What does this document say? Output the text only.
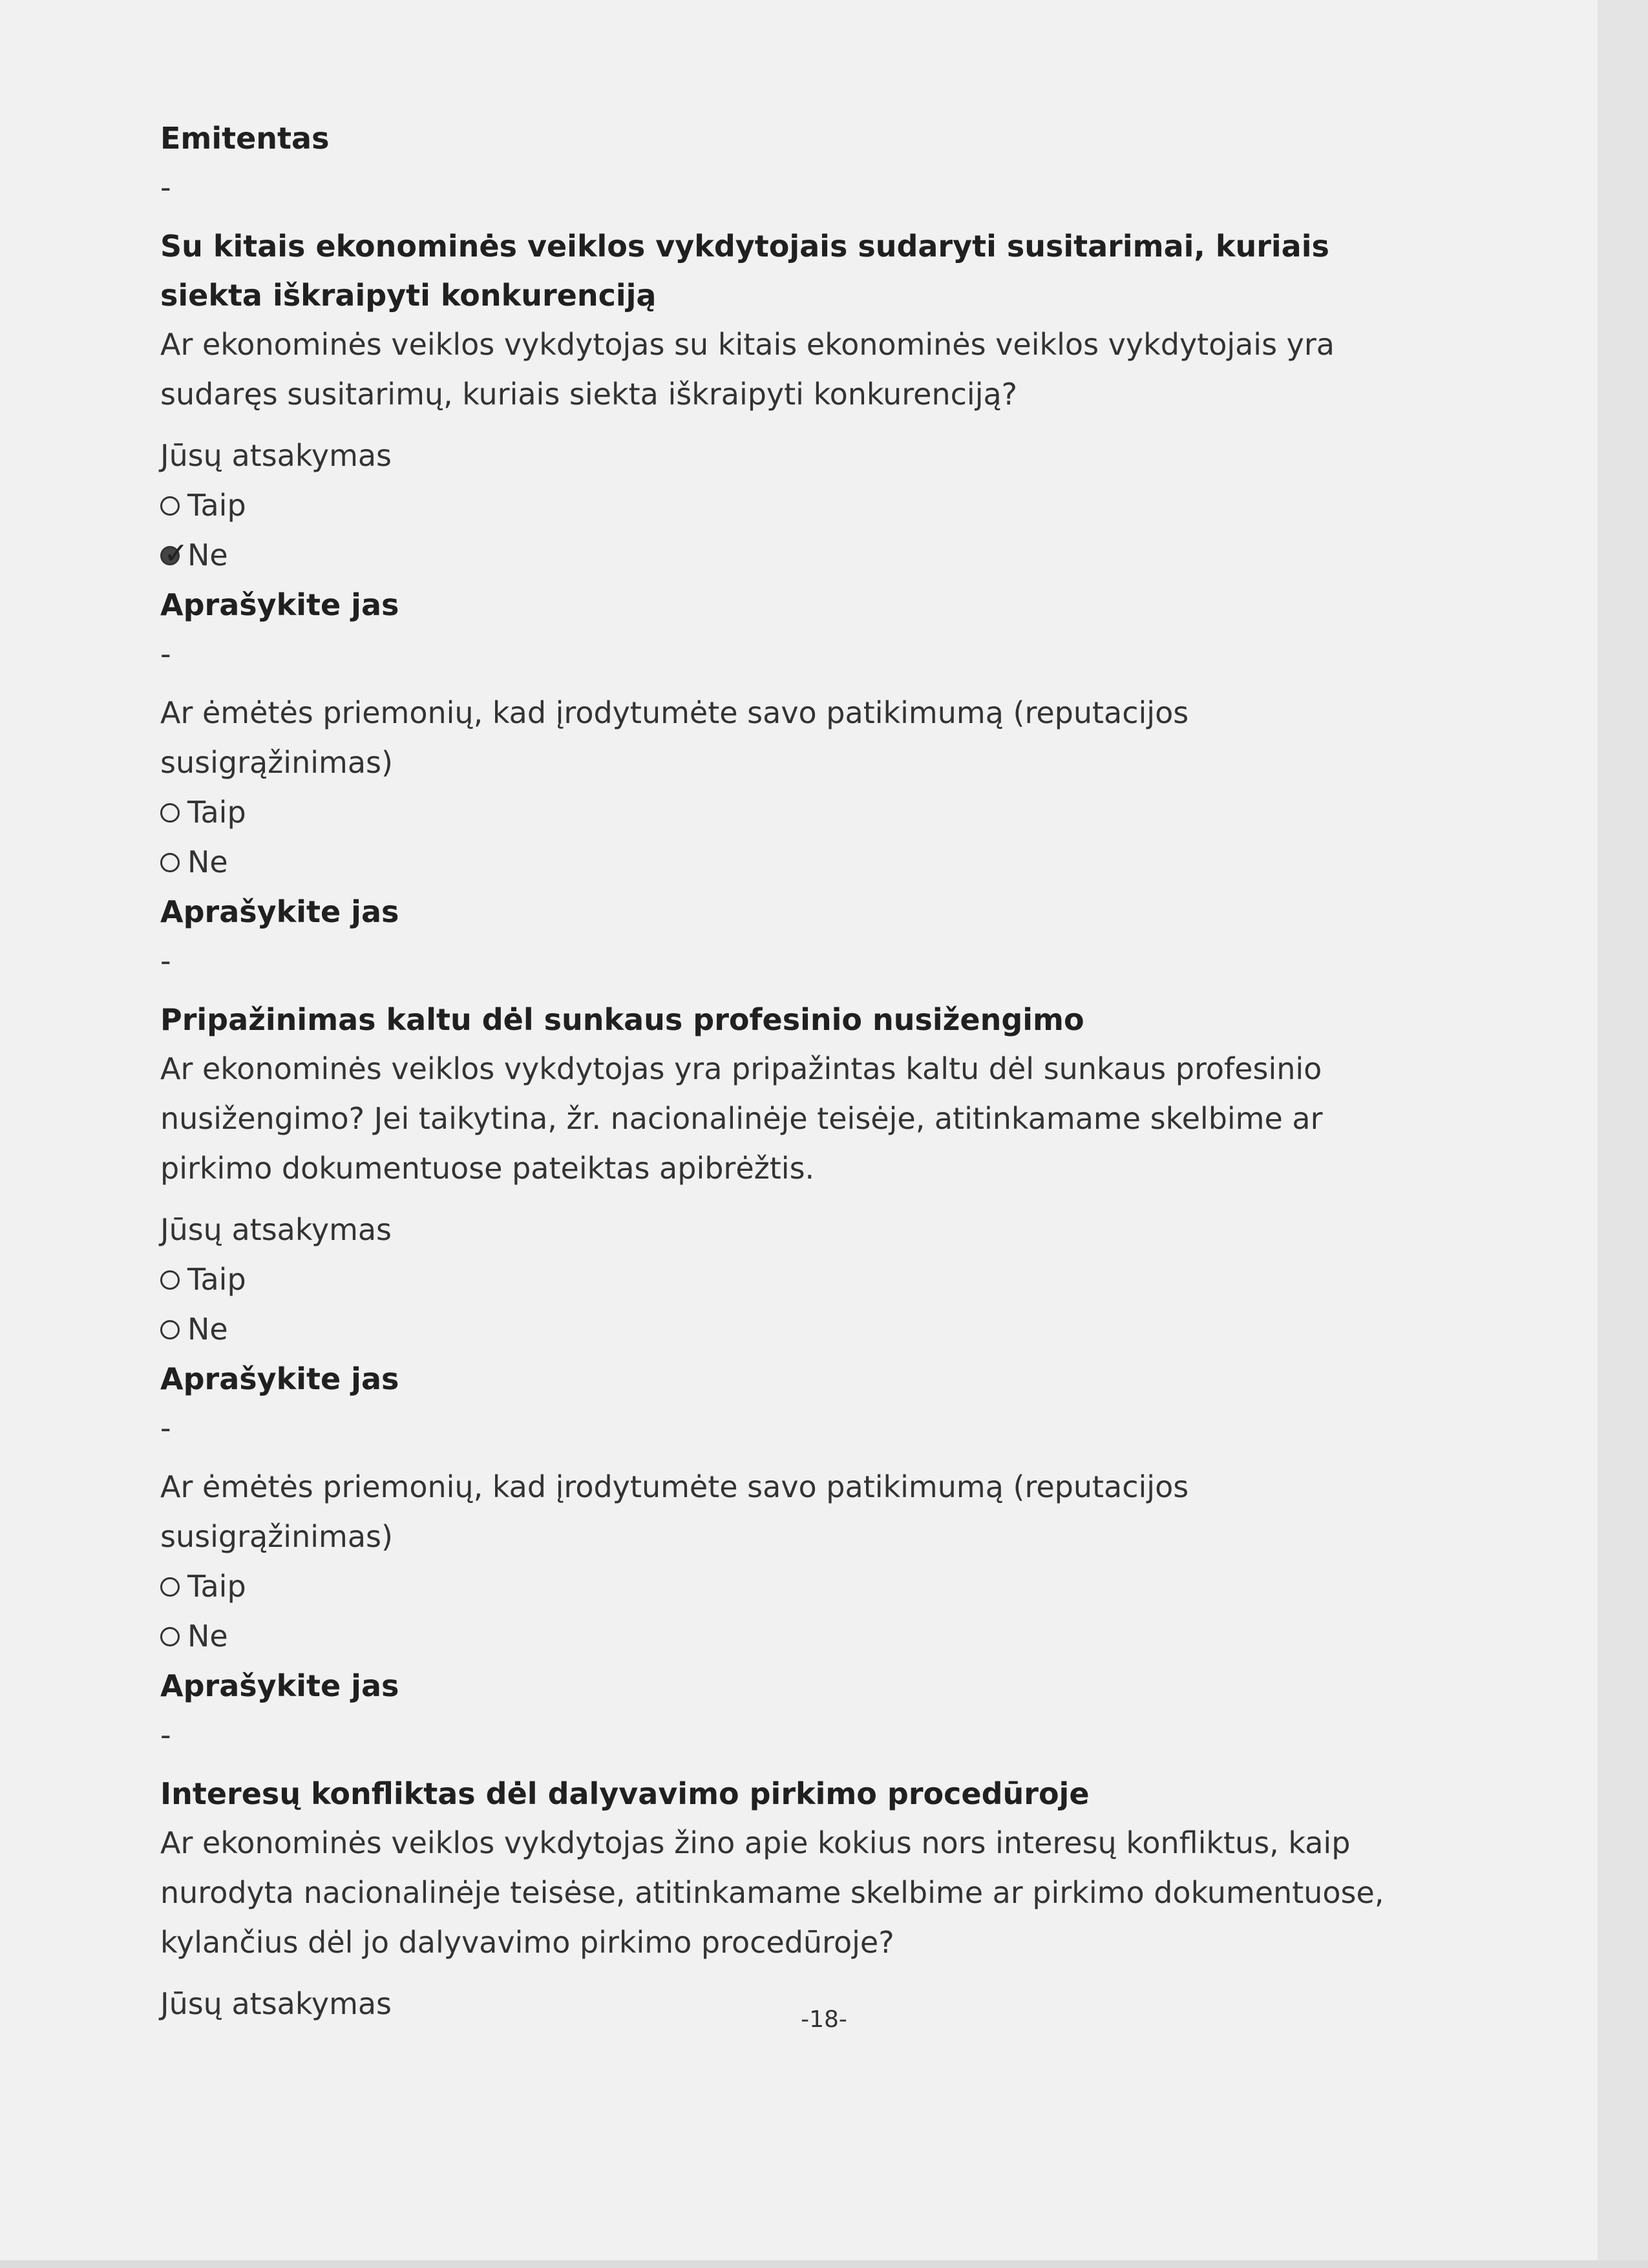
Emitentas
-
Su kitais ekonominės veiklos vykdytojais sudaryti susitarimai, kuriais
siekta iškraipyti konkurenciją
Ar ekonominės veiklos vykdytojas su kitais ekonominės veiklos vykdytojais yra
sudaręs susitarimų, kuriais siekta iškraipyti konkurenciją?
Jūsų atsakymas
Taip
✓
Ne
Aprašykite jas
-
Ar ėmėtės priemonių, kad įrodytumėte savo patikimumą (reputacijos
susigrąžinimas)
Taip
Ne
Aprašykite jas
-
Pripažinimas kaltu dėl sunkaus profesinio nusižengimo
Ar ekonominės veiklos vykdytojas yra pripažintas kaltu dėl sunkaus profesinio
nusižengimo? Jei taikytina, žr. nacionalinėje teisėje, atitinkamame skelbime ar
pirkimo dokumentuose pateiktas apibrėžtis.
Jūsų atsakymas
Taip
Ne
Aprašykite jas
-
Ar ėmėtės priemonių, kad įrodytumėte savo patikimumą (reputacijos
susigrąžinimas)
Taip
Ne
Aprašykite jas
-
Interesų konfliktas dėl dalyvavimo pirkimo procedūroje
Ar ekonominės veiklos vykdytojas žino apie kokius nors interesų konfliktus, kaip
nurodyta nacionalinėje teisėse, atitinkamame skelbime ar pirkimo dokumentuose,
kylančius dėl jo dalyvavimo pirkimo procedūroje?
Jūsų atsakymas	-18-
